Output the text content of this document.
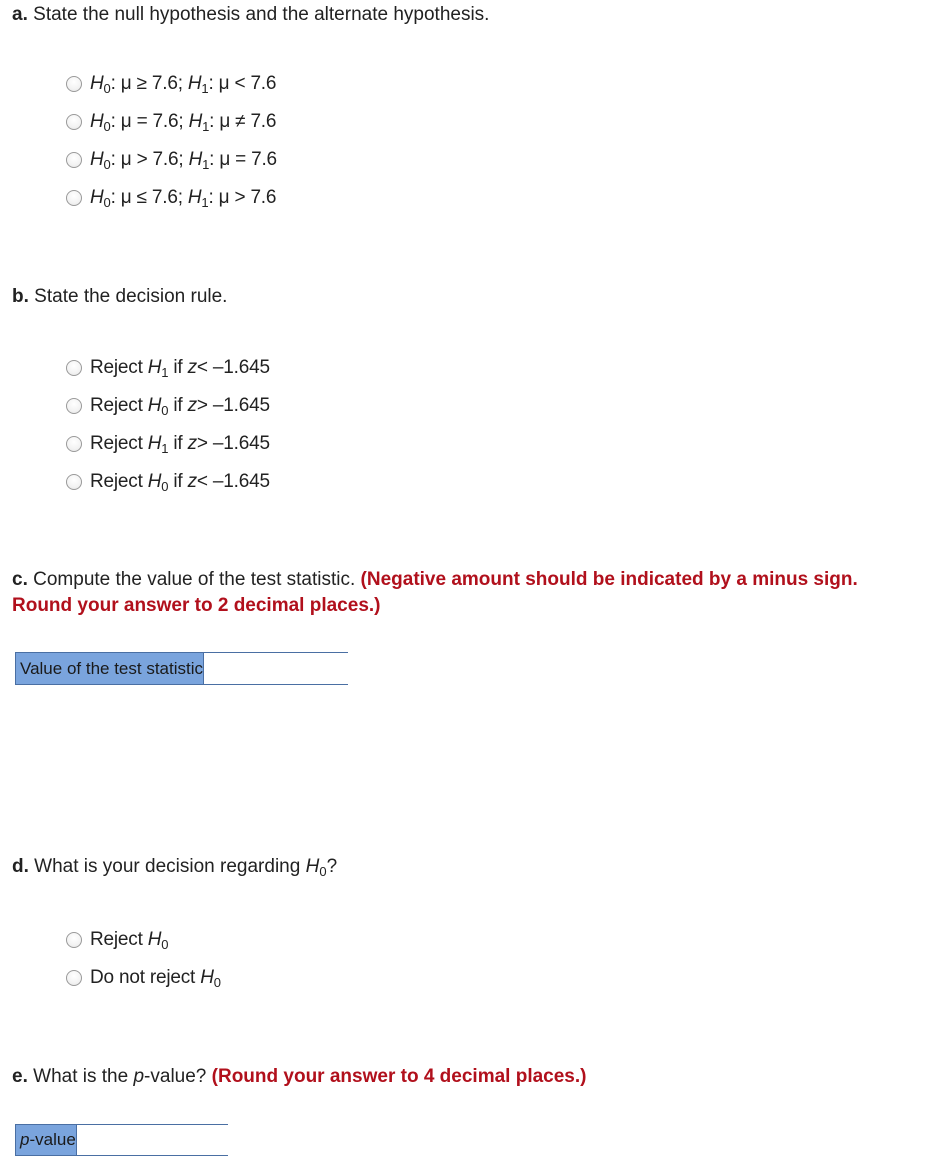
a. State the null hypothesis and the alternate hypothesis.

$H_0$: μ ≥ 7.6; $H_1$: μ < 7.6
$H_0$: μ = 7.6; $H_1$: μ ≠ 7.6
$H_0$: μ > 7.6; $H_1$: μ = 7.6
$H_0$: μ ≤ 7.6; $H_1$: μ > 7.6

b. State the decision rule.

Reject $H_1$ if z< –1.645
Reject $H_0$ if z> –1.645
Reject $H_1$ if z> –1.645
Reject $H_0$ if z< –1.645

c. Compute the value of the test statistic. (Negative amount should be indicated by a minus sign.
Round your answer to 2 decimal places.)

Value of the test statistic

d. What is your decision regarding $H_0$?

Reject $H_0$
Do not reject $H_0$

e. What is the p-value? (Round your answer to 4 decimal places.)

p -value
